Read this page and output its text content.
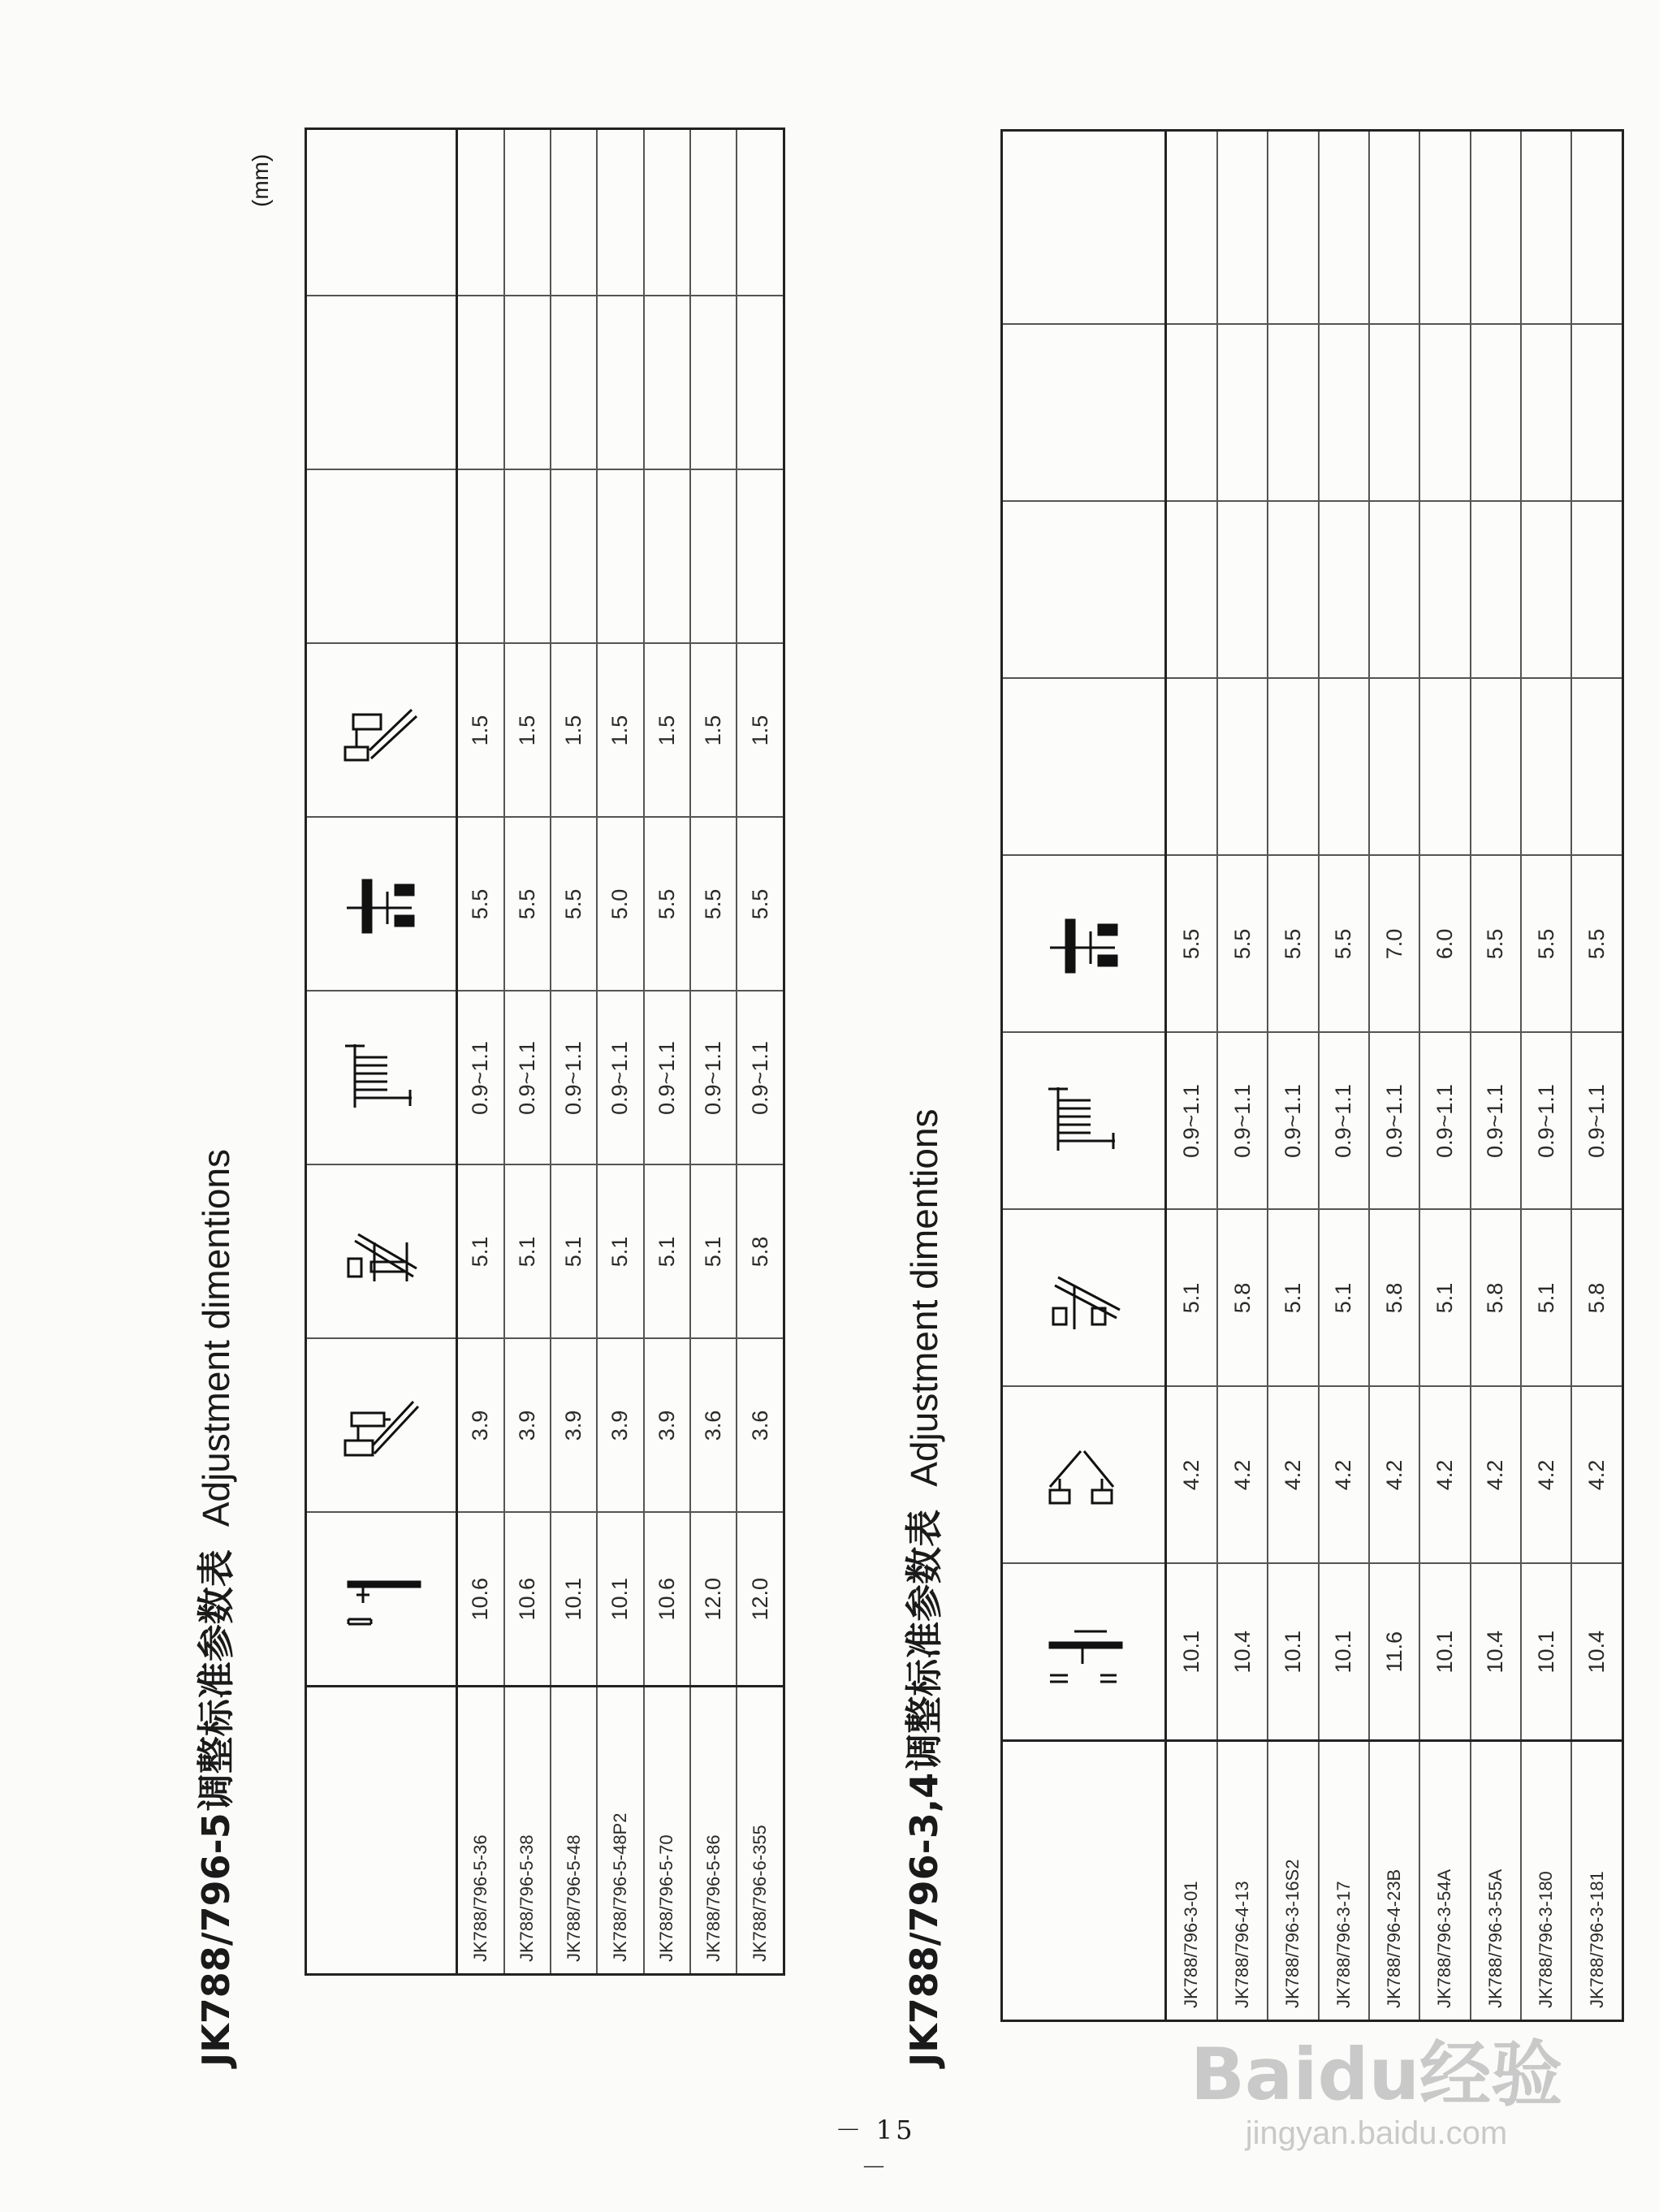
JK788/796-5调整标准参数表Adjustment dimentions
(mm)

JK788/796-5-36	10.6	3.9	5.1	0.9~1.1	5.5	1.5			
JK788/796-5-38	10.6	3.9	5.1	0.9~1.1	5.5	1.5			
JK788/796-5-48	10.1	3.9	5.1	0.9~1.1	5.5	1.5			
JK788/796-5-48P2	10.1	3.9	5.1	0.9~1.1	5.0	1.5			
JK788/796-5-70	10.6	3.9	5.1	0.9~1.1	5.5	1.5			
JK788/796-5-86	12.0	3.6	5.1	0.9~1.1	5.5	1.5			
JK788/796-6-355	12.0	3.6	5.8	0.9~1.1	5.5	1.5			
JK788/796-3,4调整标准参数表Adjustment dimentions

JK788/796-3-01	10.1	4.2	5.1	0.9~1.1	5.5				
JK788/796-4-13	10.4	4.2	5.8	0.9~1.1	5.5				
JK788/796-3-16S2	10.1	4.2	5.1	0.9~1.1	5.5				
JK788/796-3-17	10.1	4.2	5.1	0.9~1.1	5.5				
JK788/796-4-23B	11.6	4.2	5.8	0.9~1.1	7.0				
JK788/796-3-54A	10.1	4.2	5.1	0.9~1.1	6.0				
JK788/796-3-55A	10.4	4.2	5.8	0.9~1.1	5.5				
JK788/796-3-180	10.1	4.2	5.1	0.9~1.1	5.5				
JK788/796-3-181	10.4	4.2	5.8	0.9~1.1	5.5				
－ 15 －
Baidu经验
jingyan.baidu.com
